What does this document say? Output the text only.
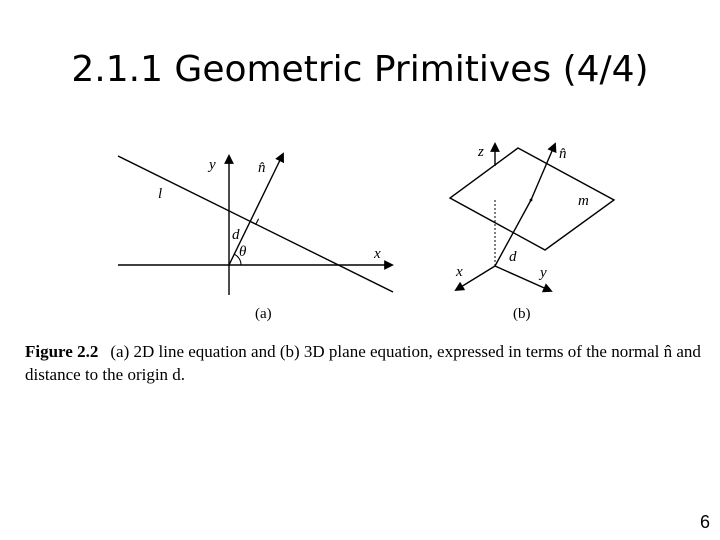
2.1.1 Geometric Primitives (4/4)
y	n̂
l
d
θ	x
(a)
z	n̂
m
d
x	y
(b)
Figure 2.2 (a) 2D line equation and (b) 3D plane equation, expressed in terms of the normal n̂ and distance to the origin d.
6
